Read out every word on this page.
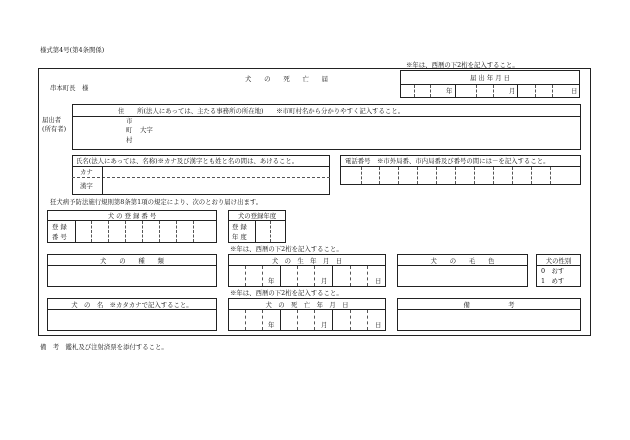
様式第4号(第4条関係)
※年は、西暦の下2桁を記入すること。
串本町長　様
犬　　の　　死　　亡　　届	届 出 年 月 日
年	月	日
届出者
(所有者)
住　　所(法人にあっては、主たる事務所の所在地)　　※市町村名から分かりやすく記入すること。
市
町 大字
村
氏名(法人にあっては、名称)※カナ及び漢字とも姓と名の間は、あけること。
カナ
漢字
電話番号　※市外局番、市内局番及び番号の間には－を記入すること。
狂犬病予防法施行規則第8条第1項の規定により、次のとおり届け出ます。
犬 の 登 録 番 号
登 録
番 号
犬の登録年度
登 録
年 度
※年は、西暦の下2桁を記入すること。
犬　　の　　種　　類	犬　の　生　年　月　日
年	月	日
犬　　の　　毛　　色	犬の性別
0　おす
1　めす
※年は、西暦の下2桁を記入すること。
犬　の　名　※カタカナで記入すること。	犬　の　死　亡　年　月　日
年	月	日
備　　　　　　考
備　考　鑑札及び注射済票を添付すること。
